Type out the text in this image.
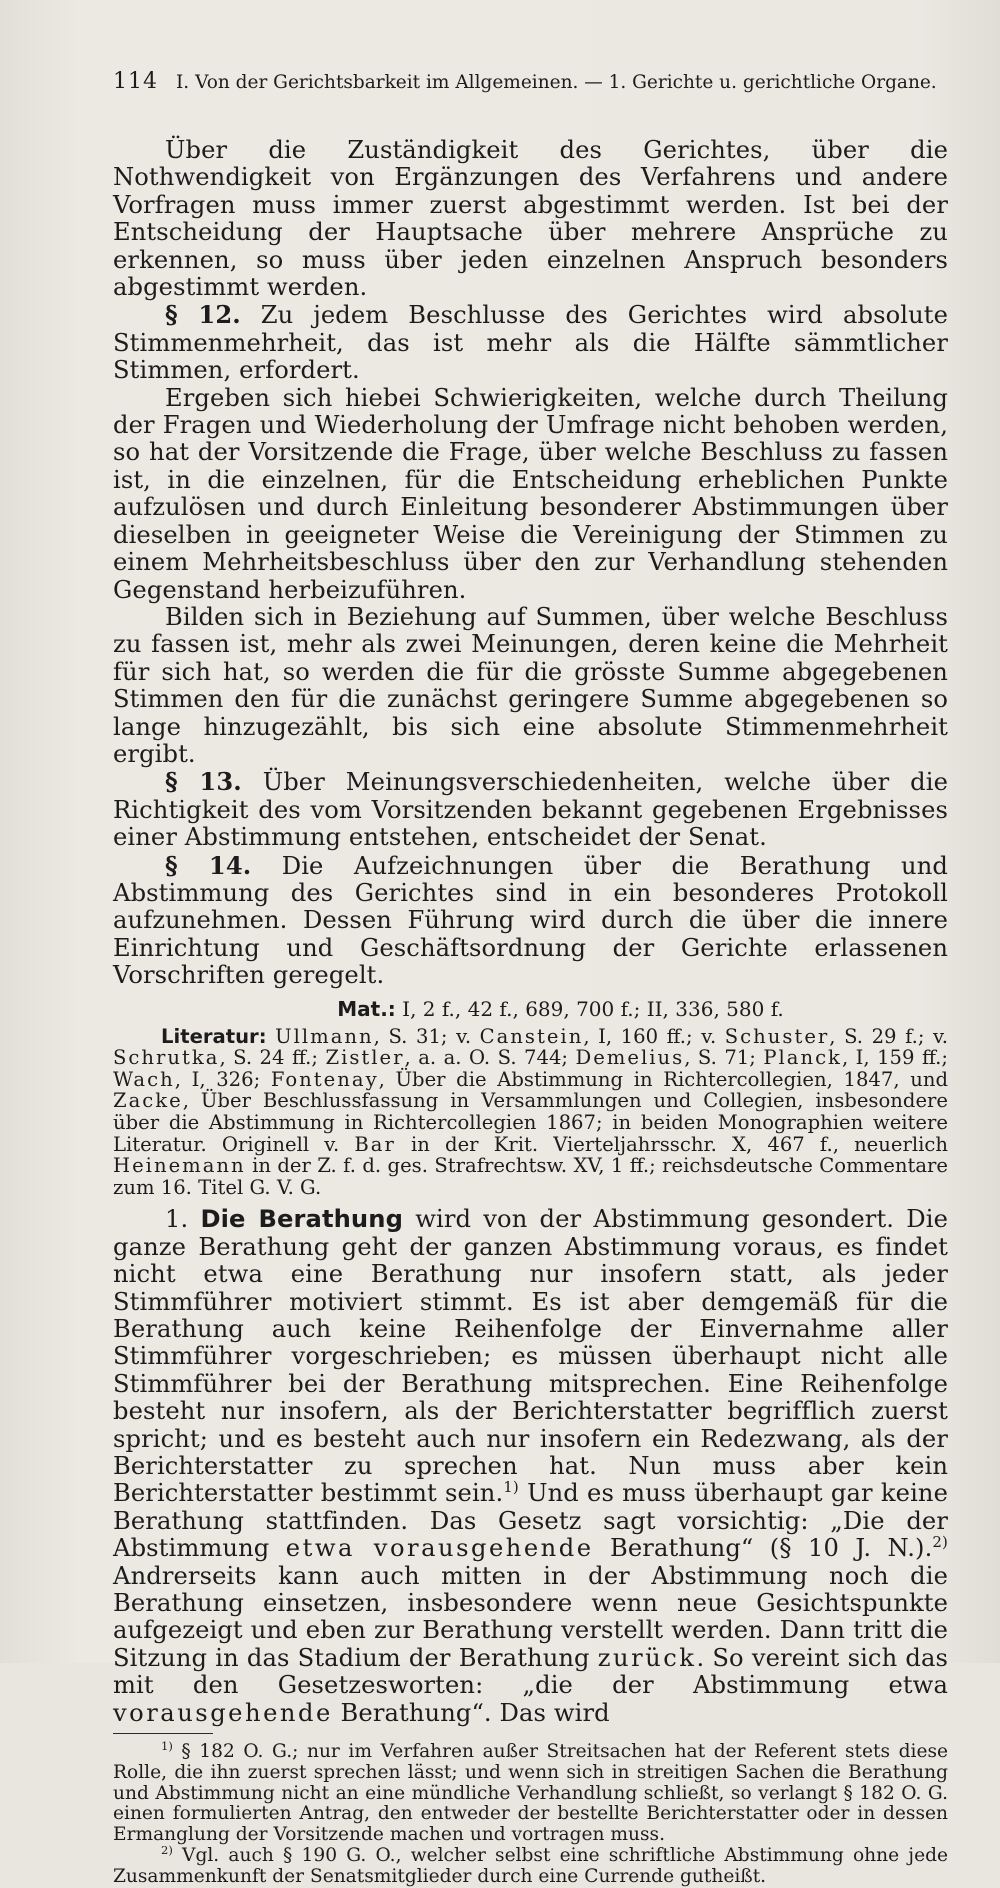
114 I. Von der Gerichtsbarkeit im Allgemeinen. — 1. Gerichte u. gerichtliche Organe.

Über die Zuständigkeit des Gerichtes, über die Nothwendigkeit von Ergänzungen des Verfahrens und andere Vorfragen muss immer zuerst abgestimmt werden. Ist bei der Entscheidung der Hauptsache über mehrere Ansprüche zu erkennen, so muss über jeden einzelnen Anspruch besonders abgestimmt werden.

§ 12. Zu jedem Beschlusse des Gerichtes wird absolute Stimmenmehrheit, das ist mehr als die Hälfte sämmtlicher Stimmen, erfordert.

Ergeben sich hiebei Schwierigkeiten, welche durch Theilung der Fragen und Wiederholung der Umfrage nicht behoben werden, so hat der Vorsitzende die Frage, über welche Beschluss zu fassen ist, in die einzelnen, für die Entscheidung erheblichen Punkte aufzulösen und durch Einleitung besonderer Abstimmungen über dieselben in geeigneter Weise die Vereinigung der Stimmen zu einem Mehrheitsbeschluss über den zur Verhandlung stehenden Gegenstand herbeizuführen.

Bilden sich in Beziehung auf Summen, über welche Beschluss zu fassen ist, mehr als zwei Meinungen, deren keine die Mehrheit für sich hat, so werden die für die grösste Summe abgegebenen Stimmen den für die zunächst geringere Summe abgegebenen so lange hinzugezählt, bis sich eine absolute Stimmenmehrheit ergibt.

§ 13. Über Meinungsverschiedenheiten, welche über die Richtigkeit des vom Vorsitzenden bekannt gegebenen Ergebnisses einer Abstimmung entstehen, entscheidet der Senat.

§ 14. Die Aufzeichnungen über die Berathung und Abstimmung des Gerichtes sind in ein besonderes Protokoll aufzunehmen. Dessen Führung wird durch die über die innere Einrichtung und Geschäftsordnung der Gerichte erlassenen Vorschriften geregelt.

Mat.: I, 2 f., 42 f., 689, 700 f.; II, 336, 580 f.

Literatur: Ullmann, S. 31; v. Canstein, I, 160 ff.; v. Schuster, S. 29 f.; v. Schrutka, S. 24 ff.; Zistler, a. a. O. S. 744; Demelius, S. 71; Planck, I, 159 ff.; Wach, I, 326; Fontenay, Über die Abstimmung in Richtercollegien, 1847, und Zacke, Über Beschlussfassung in Versammlungen und Collegien, insbesondere über die Abstimmung in Richtercollegien 1867; in beiden Monographien weitere Literatur. Originell v. Bar in der Krit. Vierteljahrsschr. X, 467 f., neuerlich Heinemann in der Z. f. d. ges. Strafrechtsw. XV, 1 ff.; reichsdeutsche Commentare zum 16. Titel G. V. G.

1. Die Berathung wird von der Abstimmung gesondert. Die ganze Berathung geht der ganzen Abstimmung voraus, es findet nicht etwa eine Berathung nur insofern statt, als jeder Stimmführer motiviert stimmt. Es ist aber demgemäß für die Berathung auch keine Reihenfolge der Einvernahme aller Stimmführer vorgeschrieben; es müssen überhaupt nicht alle Stimmführer bei der Berathung mitsprechen. Eine Reihenfolge besteht nur insofern, als der Berichterstatter begrifflich zuerst spricht; und es besteht auch nur insofern ein Redezwang, als der Berichterstatter zu sprechen hat. Nun muss aber kein Berichterstatter bestimmt sein.$^{1)}$ Und es muss überhaupt gar keine Berathung stattfinden. Das Gesetz sagt vorsichtig: „Die der Abstimmung etwa vorausgehende Berathung“ (§ 10 J. N.).$^{2)}$ Andrerseits kann auch mitten in der Abstimmung noch die Berathung einsetzen, insbesondere wenn neue Gesichtspunkte aufgezeigt und eben zur Berathung verstellt werden. Dann tritt die Sitzung in das Stadium der Berathung zurück. So vereint sich das mit den Gesetzesworten: „die der Abstimmung etwa vorausgehende Berathung“. Das wird

$^{1)}$ § 182 O. G.; nur im Verfahren außer Streitsachen hat der Referent stets diese Rolle, die ihn zuerst sprechen lässt; und wenn sich in streitigen Sachen die Berathung und Abstimmung nicht an eine mündliche Verhandlung schließt, so verlangt § 182 O. G. einen formulierten Antrag, den entweder der bestellte Berichterstatter oder in dessen Ermanglung der Vorsitzende machen und vortragen muss.

$^{2)}$ Vgl. auch § 190 G. O., welcher selbst eine schriftliche Abstimmung ohne jede Zusammenkunft der Senatsmitglieder durch eine Currende gutheißt.
